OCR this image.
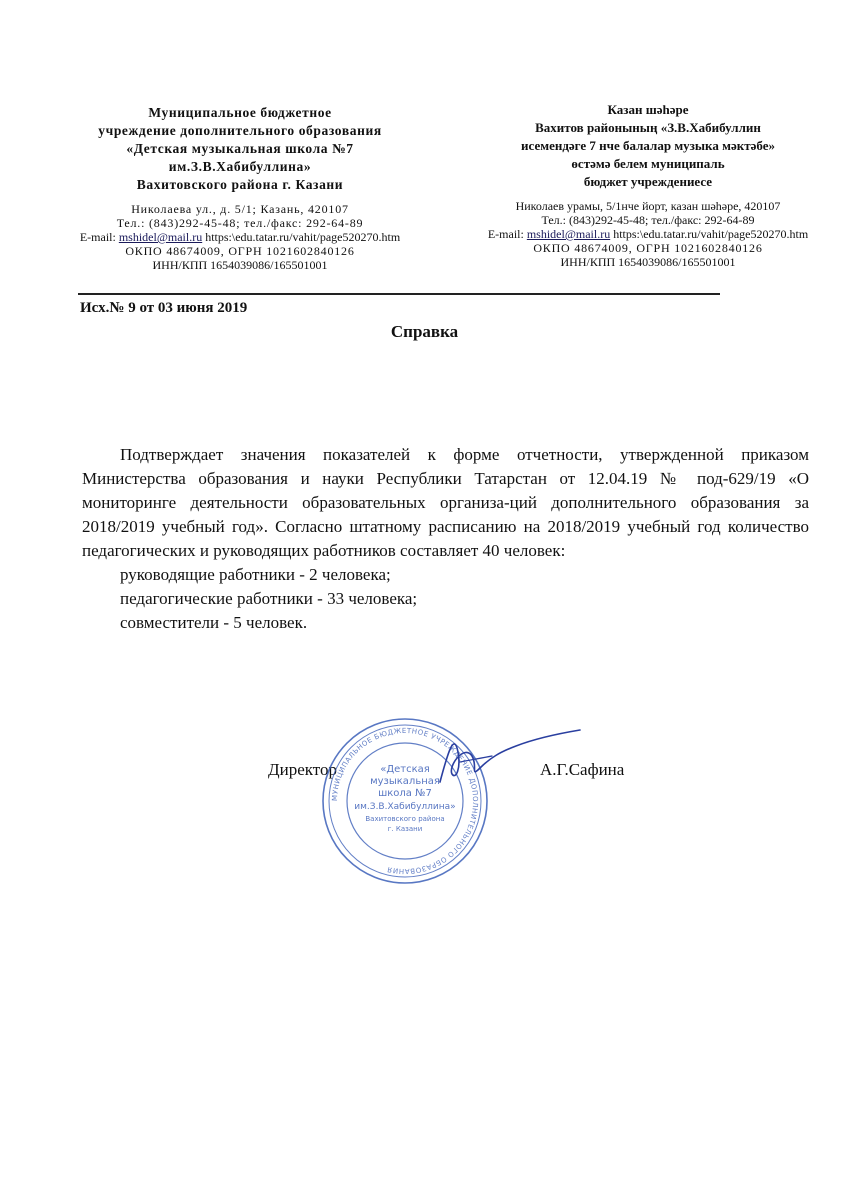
Муниципальное бюджетное
учреждение дополнительного образования
«Детская музыкальная школа №7
им.З.В.Хабибуллина»
Вахитовского района г. Казани
Николаева ул., д. 5/1; Казань, 420107
Тел.: (843)292-45-48; тел./факс: 292-64-89
E-mail: mshidel@mail.ru https:\edu.tatar.ru/vahit/page520270.htm
ОКПО 48674009, ОГРН 1021602840126
ИНН/КПП 1654039086/165501001
Казан шәһәре
Вахитов районының «З.В.Хабибуллин
исемендәге 7 нче балалар музыка мәктәбе»
өстәмә белем муниципаль
бюджет учреждениесе
Николаев урамы, 5/1нче йорт, казан шәһәре, 420107
Тел.: (843)292-45-48; тел./факс: 292-64-89
E-mail: mshidel@mail.ru https:\edu.tatar.ru/vahit/page520270.htm
ОКПО 48674009, ОГРН 1021602840126
ИНН/КПП 1654039086/165501001
Исх.№ 9 от 03 июня 2019
Справка

Подтверждает значения показателей к форме отчетности, утвержденной приказом Министерства образования и науки Республики Татарстан от 12.04.19 № под-629/19 «О мониторинге деятельности образовательных организа-ций дополнительного образования за 2018/2019 учебный год». Согласно штатному расписанию на 2018/2019 учебный год количество педагогических и руководящих работников составляет 40 человек:

руководящие работники - 2 человека;
педагогические работники - 33 человека;
совместители - 5 человек.
Директор	А.Г.Сафина
МУНИЦИПАЛЬНОЕ БЮДЖЕТНОЕ УЧРЕЖДЕНИЕ ДОПОЛНИТЕЛЬНОГО ОБРАЗОВАНИЯ
«Детская
музыкальная
школа №7
им.З.В.Хабибуллина»
Вахитовского района
г. Казани
